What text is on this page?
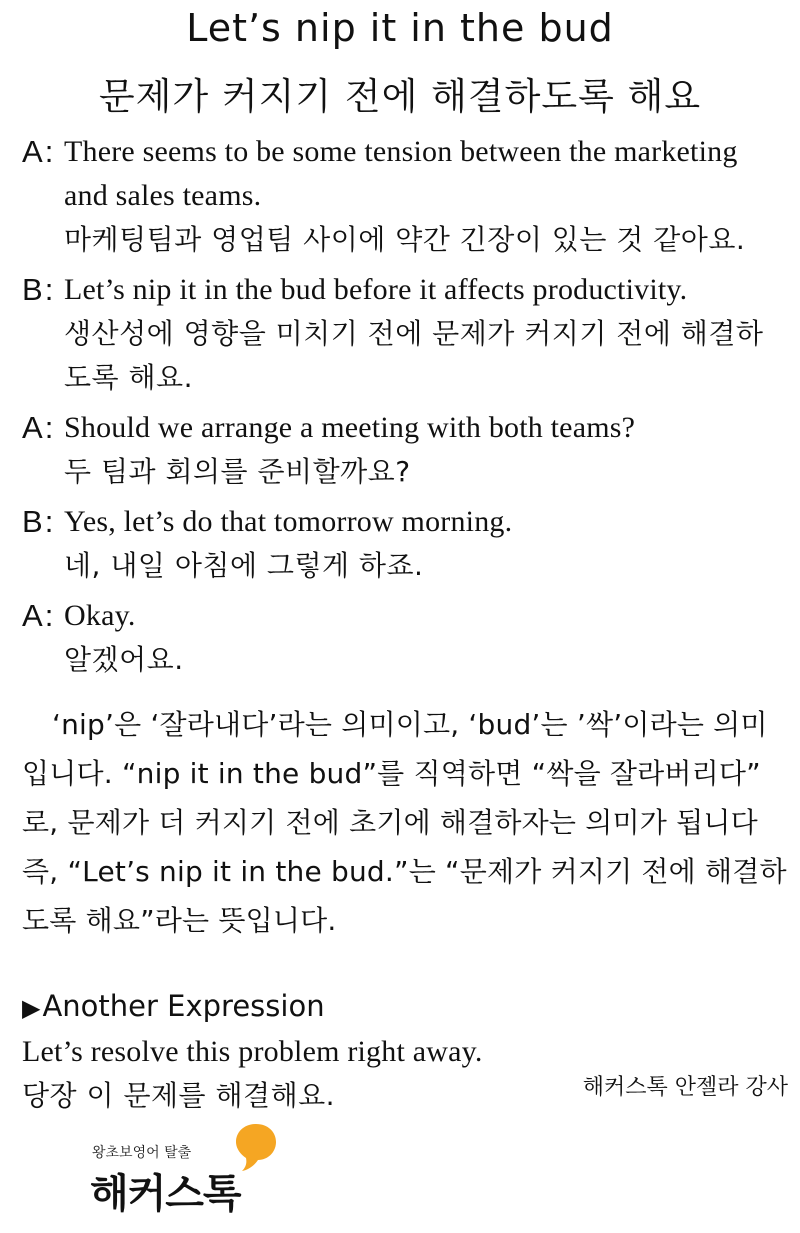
Let’s nip it in the bud
문제가 커지기 전에 해결하도록 해요
A: There seems to be some tension between the marketing
and sales teams.
마케팅팀과 영업팀 사이에 약간 긴장이 있는 것 같아요.
B: Let’s nip it in the bud before it affects productivity.
생산성에 영향을 미치기 전에 문제가 커지기 전에 해결하
도록 해요.
A: Should we arrange a meeting with both teams?
두 팀과 회의를 준비할까요?
B: Yes, let’s do that tomorrow morning.
네, 내일 아침에 그렇게 하죠.
A: Okay.
알겠어요.
‘nip’은 ‘잘라내다’라는 의미이고, ‘bud’는 ’싹’이라는 의미
입니다. “nip it in the bud”를 직역하면 “싹을 잘라버리다”
로, 문제가 더 커지기 전에 초기에 해결하자는 의미가 됩니다
즉, “Let’s nip it in the bud.”는 “문제가 커지기 전에 해결하
도록 해요”라는 뜻입니다.
▶Another Expression
Let’s resolve this problem right away.
당장 이 문제를 해결해요.	해커스톡 안젤라 강사
왕초보영어 탈출
해커스톡
